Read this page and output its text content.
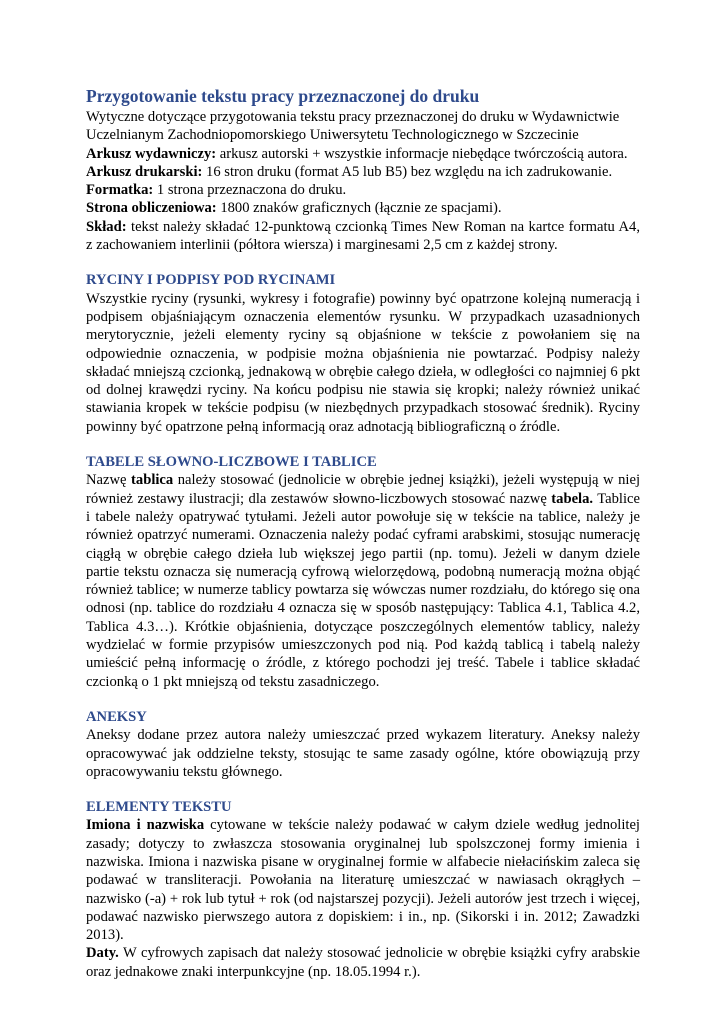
Przygotowanie tekstu pracy przeznaczonej do druku

Wytyczne dotyczące przygotowania tekstu pracy przeznaczonej do druku w Wydawnictwie Uczelnianym Zachodniopomorskiego Uniwersytetu Technologicznego w Szczecinie

Arkusz wydawniczy: arkusz autorski + wszystkie informacje niebędące twórczością autora.

Arkusz drukarski: 16 stron druku (format A5 lub B5) bez względu na ich zadrukowanie.

Formatka: 1 strona przeznaczona do druku.

Strona obliczeniowa: 1800 znaków graficznych (łącznie ze spacjami).

Skład: tekst należy składać 12-punktową czcionką Times New Roman na kartce formatu A4, z zachowaniem interlinii (półtora wiersza) i marginesami 2,5 cm z każdej strony.

RYCINY I PODPISY POD RYCINAMI

Wszystkie ryciny (rysunki, wykresy i fotografie) powinny być opatrzone kolejną numeracją i podpisem objaśniającym oznaczenia elementów rysunku. W przypadkach uzasadnionych merytorycznie, jeżeli elementy ryciny są objaśnione w tekście z powołaniem się na odpowiednie oznaczenia, w podpisie można objaśnienia nie powtarzać. Podpisy należy składać mniejszą czcionką, jednakową w obrębie całego dzieła, w odległości co najmniej 6 pkt od dolnej krawędzi ryciny. Na końcu podpisu nie stawia się kropki; należy również unikać stawiania kropek w tekście podpisu (w niezbędnych przypadkach stosować średnik). Ryciny powinny być opatrzone pełną informacją oraz adnotacją bibliograficzną o źródle.

TABELE SŁOWNO-LICZBOWE I TABLICE

Nazwę tablica należy stosować (jednolicie w obrębie jednej książki), jeżeli występują w niej również zestawy ilustracji; dla zestawów słowno-liczbowych stosować nazwę tabela. Tablice i tabele należy opatrywać tytułami. Jeżeli autor powołuje się w tekście na tablice, należy je również opatrzyć numerami. Oznaczenia należy podać cyframi arabskimi, stosując numerację ciągłą w obrębie całego dzieła lub większej jego partii (np. tomu). Jeżeli w danym dziele partie tekstu oznacza się numeracją cyfrową wielorzędową, podobną numeracją można objąć również tablice; w numerze tablicy powtarza się wówczas numer rozdziału, do którego się ona odnosi (np. tablice do rozdziału 4 oznacza się w sposób następujący: Tablica 4.1, Tablica 4.2, Tablica 4.3…). Krótkie objaśnienia, dotyczące poszczególnych elementów tablicy, należy wydzielać w formie przypisów umieszczonych pod nią. Pod każdą tablicą i tabelą należy umieścić pełną informację o źródle, z którego pochodzi jej treść. Tabele i tablice składać czcionką o 1 pkt mniejszą od tekstu zasadniczego.

ANEKSY

Aneksy dodane przez autora należy umieszczać przed wykazem literatury. Aneksy należy opracowywać jak oddzielne teksty, stosując te same zasady ogólne, które obowiązują przy opracowywaniu tekstu głównego.

ELEMENTY TEKSTU

Imiona i nazwiska cytowane w tekście należy podawać w całym dziele według jednolitej zasady; dotyczy to zwłaszcza stosowania oryginalnej lub spolszczonej formy imienia i nazwiska. Imiona i nazwiska pisane w oryginalnej formie w alfabecie niełacińskim zaleca się podawać w transliteracji. Powołania na literaturę umieszczać w nawiasach okrągłych – nazwisko (-a) + rok lub tytuł + rok (od najstarszej pozycji). Jeżeli autorów jest trzech i więcej, podawać nazwisko pierwszego autora z dopiskiem: i in., np. (Sikorski i in. 2012; Zawadzki 2013).

Daty. W cyfrowych zapisach dat należy stosować jednolicie w obrębie książki cyfry arabskie oraz jednakowe znaki interpunkcyjne (np. 18.05.1994 r.).
